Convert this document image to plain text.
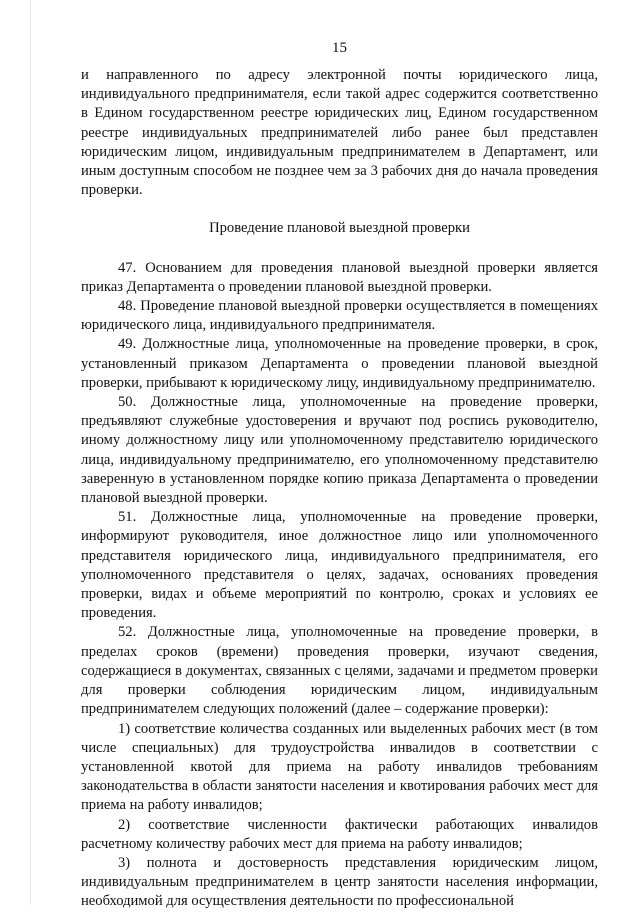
15

и направленного по адресу электронной почты юридического лица, индивидуального предпринимателя, если такой адрес содержится соответственно в Едином государственном реестре юридических лиц, Едином государственном реестре индивидуальных предпринимателей либо ранее был представлен юридическим лицом, индивидуальным предпринимателем в Департамент, или иным доступным способом не позднее чем за 3 рабочих дня до начала проведения проверки.

Проведение плановой выездной проверки

47. Основанием для проведения плановой выездной проверки является приказ Департамента о проведении плановой выездной проверки.

48. Проведение плановой выездной проверки осуществляется в помещениях юридического лица, индивидуального предпринимателя.

49. Должностные лица, уполномоченные на проведение проверки, в срок, установленный приказом Департамента о проведении плановой выездной проверки, прибывают к юридическому лицу, индивидуальному предпринимателю.

50. Должностные лица, уполномоченные на проведение проверки, предъявляют служебные удостоверения и вручают под роспись руководителю, иному должностному лицу или уполномоченному представителю юридического лица, индивидуальному предпринимателю, его уполномоченному представителю заверенную в установленном порядке копию приказа Департамента о проведении плановой выездной проверки.

51. Должностные лица, уполномоченные на проведение проверки, информируют руководителя, иное должностное лицо или уполномоченного представителя юридического лица, индивидуального предпринимателя, его уполномоченного представителя о целях, задачах, основаниях проведения проверки, видах и объеме мероприятий по контролю, сроках и условиях ее проведения.

52. Должностные лица, уполномоченные на проведение проверки, в пределах сроков (времени) проведения проверки, изучают сведения, содержащиеся в документах, связанных с целями, задачами и предметом проверки для проверки соблюдения юридическим лицом, индивидуальным предпринимателем следующих положений (далее – содержание проверки):

1) соответствие количества созданных или выделенных рабочих мест (в том числе специальных) для трудоустройства инвалидов в соответствии с установленной квотой для приема на работу инвалидов требованиям законодательства в области занятости населения и квотирования рабочих мест для приема на работу инвалидов;

2) соответствие численности фактически работающих инвалидов расчетному количеству рабочих мест для приема на работу инвалидов;

3) полнота и достоверность представления юридическим лицом, индивидуальным предпринимателем в центр занятости населения информации, необходимой для осуществления деятельности по профессиональной
